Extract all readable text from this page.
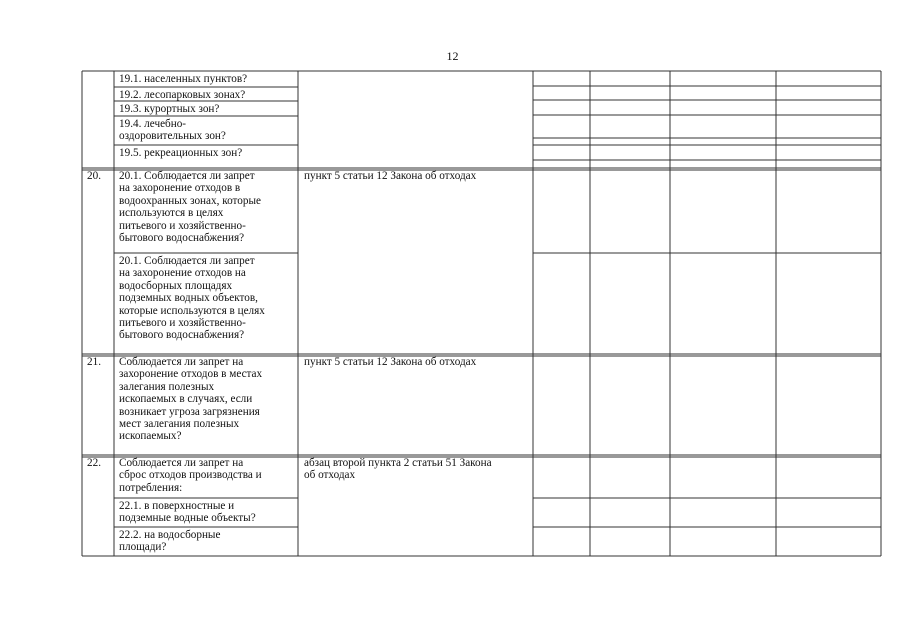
12
19.1. населенных пунктов?
19.2. лесопарковых зонах?
19.3. курортных зон?
19.4. лечебно-
оздоровительных зон?
19.5. рекреационных зон?
20. 20.1. Соблюдается ли запрет
на захоронение отходов в
водоохранных зонах, которые
используются в целях
питьевого и хозяйственно-
бытового водоснабжения?
20.1. Соблюдается ли запрет
на захоронение отходов на
водосборных площадях
подземных водных объектов,
которые используются в целях
питьевого и хозяйственно-
бытового водоснабжения?
пункт 5 статьи 12 Закона об отходах
21. Соблюдается ли запрет на
захоронение отходов в местах
залегания полезных
ископаемых в случаях, если
возникает угроза загрязнения
мест залегания полезных
ископаемых?
пункт 5 статьи 12 Закона об отходах
22. Соблюдается ли запрет на
сброс отходов производства и
потребления:
22.1. в поверхностные и
подземные водные объекты?
22.2. на водосборные
площади?
абзац второй пункта 2 статьи 51 Закона
об отходах
